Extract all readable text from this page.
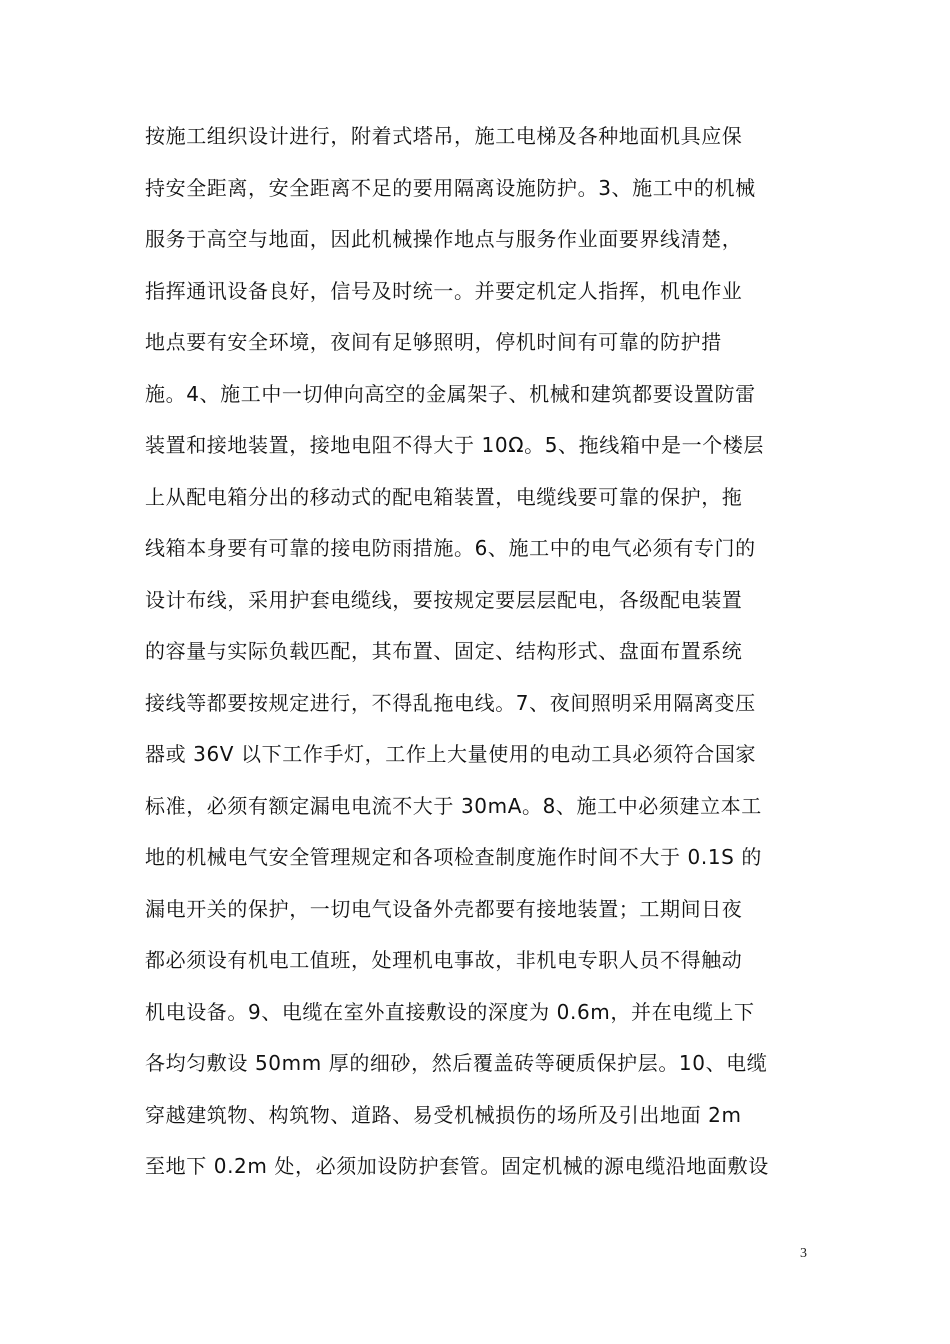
按施工组织设计进行，附着式塔吊，施工电梯及各种地面机具应保
持安全距离，安全距离不足的要用隔离设施防护。3、施工中的机械
服务于高空与地面，因此机械操作地点与服务作业面要界线清楚，
指挥通讯设备良好，信号及时统一。并要定机定人指挥，机电作业
地点要有安全环境，夜间有足够照明，停机时间有可靠的防护措
施。4、施工中一切伸向高空的金属架子、机械和建筑都要设置防雷
装置和接地装置，接地电阻不得大于 10Ω。5、拖线箱中是一个楼层
上从配电箱分出的移动式的配电箱装置，电缆线要可靠的保护，拖
线箱本身要有可靠的接电防雨措施。6、施工中的电气必须有专门的
设计布线，采用护套电缆线，要按规定要层层配电，各级配电装置
的容量与实际负载匹配，其布置、固定、结构形式、盘面布置系统
接线等都要按规定进行，不得乱拖电线。7、夜间照明采用隔离变压
器或 36V 以下工作手灯，工作上大量使用的电动工具必须符合国家
标准，必须有额定漏电电流不大于 30mA。8、施工中必须建立本工
地的机械电气安全管理规定和各项检查制度施作时间不大于 0.1S 的
漏电开关的保护，一切电气设备外壳都要有接地装置；工期间日夜
都必须设有机电工值班，处理机电事故，非机电专职人员不得触动
机电设备。9、电缆在室外直接敷设的深度为 0.6m，并在电缆上下
各均匀敷设 50mm 厚的细砂，然后覆盖砖等硬质保护层。10、电缆
穿越建筑物、构筑物、道路、易受机械损伤的场所及引出地面 2m
至地下 0.2m 处，必须加设防护套管。固定机械的源电缆沿地面敷设
3
